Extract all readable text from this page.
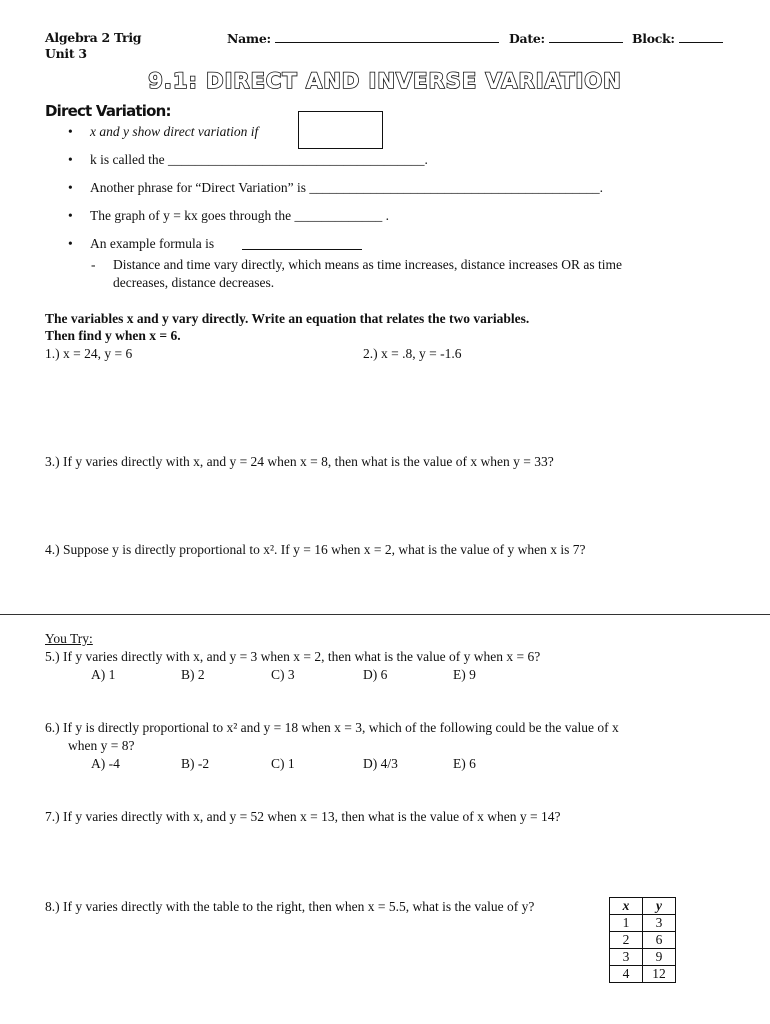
Algebra 2 Trig
Unit 3
Name:	Date:	Block:
9.1: DIRECT AND INVERSE VARIATION
Direct Variation:
• x and y show direct variation if
• k is called the ______________________________________.
• Another phrase for “Direct Variation” is ___________________________________________.
• The graph of y = kx goes through the _____________ .
• An example formula is
- Distance and time vary directly, which means as time increases, distance increases OR as time
decreases, distance decreases.
The variables x and y vary directly. Write an equation that relates the two variables.
Then find y when x = 6.
1.) x = 24, y = 6	2.) x = .8, y = -1.6
3.) If y varies directly with x, and y = 24 when x = 8, then what is the value of x when y = 33?
4.) Suppose y is directly proportional to x². If y = 16 when x = 2, what is the value of y when x is 7?
You Try:
5.) If y varies directly with x, and y = 3 when x = 2, then what is the value of y when x = 6?
A) 1	B) 2	C) 3	D) 6	E) 9
6.) If y is directly proportional to x² and y = 18 when x = 3, which of the following could be the value of x
when y = 8?
A) -4	B) -2	C) 1	D) 4/3	E) 6
7.) If y varies directly with x, and y = 52 when x = 13, then what is the value of x when y = 14?
8.) If y varies directly with the table to the right, then when x = 5.5, what is the value of y?	x	y
1	3
2	6
3	9
4	12
